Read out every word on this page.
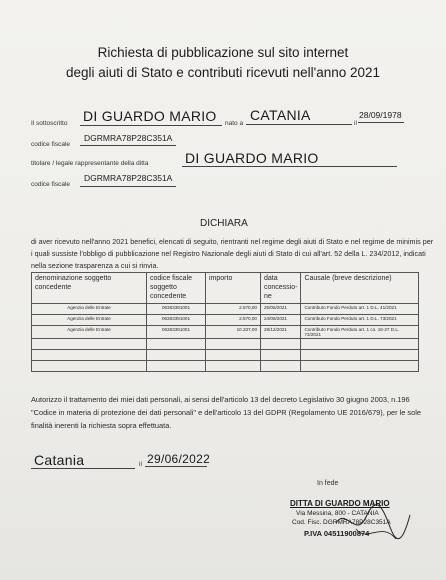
Richiesta di pubblicazione sul sito internet
degli aiuti di Stato e contributi ricevuti nell'anno 2021
Il sottoscritto DI GUARDO MARIO nato a
CATANIA
il
28/09/1978
codice fiscale
DGRMRA78P28C351A
titolare / legale rappresentante della ditta	DI GUARDO MARIO
codice fiscale
DGRMRA78P28C351A
DICHIARA
di aver ricevuto nell'anno 2021 benefici, elencati di seguito, rientranti nel regime degli aiuti di Stato e nel regime de minimis per i quali sussiste l'obbligo di pubblicazione nel Registro Nazionale degli aiuti di Stato di cui all'art. 52 della L. 234/2012, indicati nella sezione trasparenza a cui si rinvia.
denominazione soggetto concedente	codice fiscale soggetto concedente	importo	data concessio-ne	Causale (breve descrizione)
Agenzia delle Entrate	06363391001	2.570,00	25/05/2021	Contributo Fondo Perduto art. 1 D.L. 41/2021
Agenzia delle Entrate	06363391001	2.570,00	24/06/2021	Contributo Fondo Perduto art. 1 D.L. 73/2021
Agenzia delle Entrate	06363391001	10.337,00	28/12/2021	Contributo Fondo Perduto art. 1 co. 16-27 D.L. 73/2021

Autorizzo il trattamento dei miei dati personali, ai sensi dell'articolo 13 del decreto Legislativo 30 giugno 2003, n.196 "Codice in materia di protezione dei dati personali" e dell'articolo 13 del GDPR (Regolamento UE 2016/679), per le sole finalità inerenti la richiesta sopra effettuata.
Catania	il 29/06/2022
In fede
DITTA DI GUARDO MARIO
Via Messina, 800 - CATANIA
Cod. Fisc. DGRMRA78P28C351A
P.IVA 04511900874
